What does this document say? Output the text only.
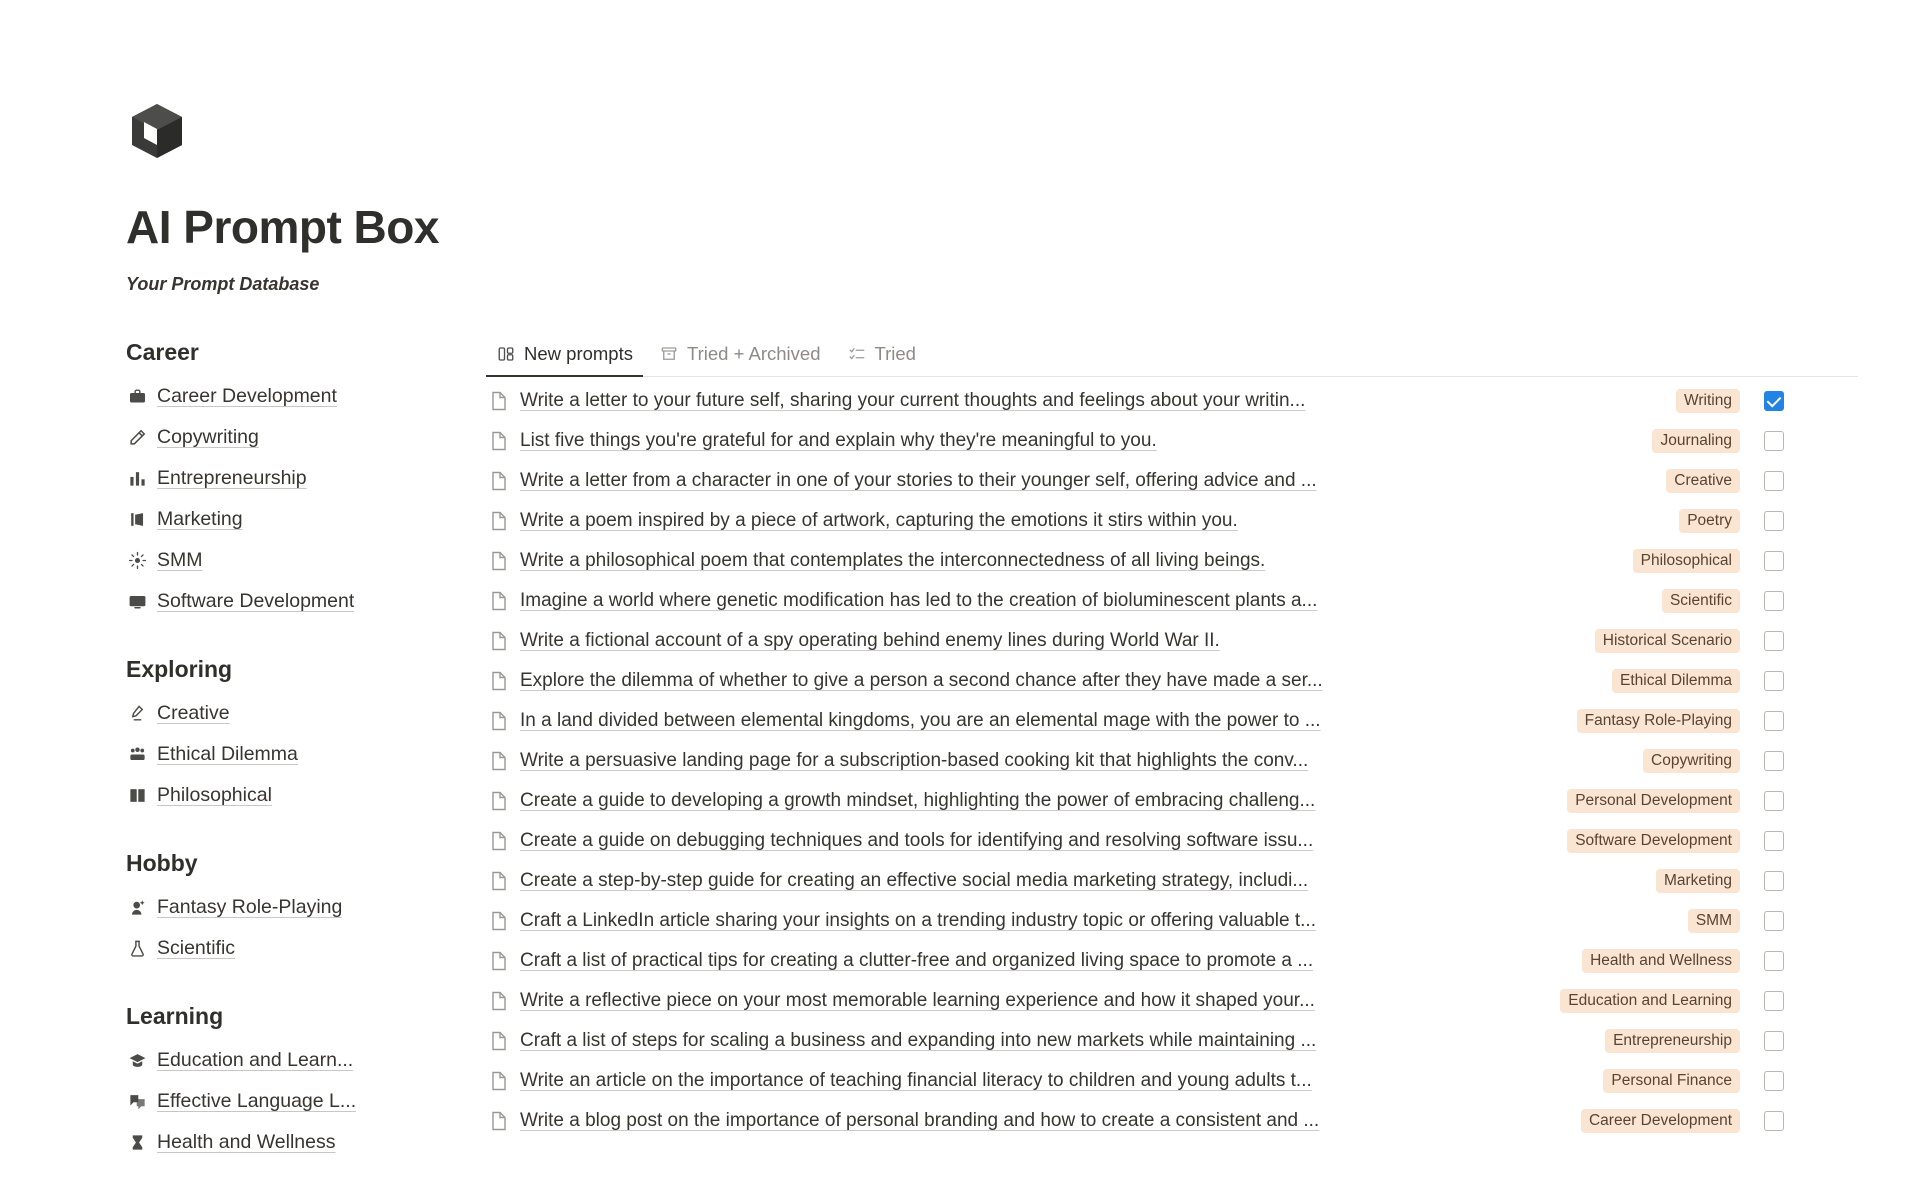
AI Prompt Box
Your Prompt Database
Career
Career Development
Copywriting
Entrepreneurship
Marketing
SMM
Software Development
Exploring
Creative
Ethical Dilemma
Philosophical
Hobby
Fantasy Role-Playing
Scientific
Learning
Education and Learn...
Effective Language L...
Health and Wellness
New prompts	Tried + Archived	Tried
Write a letter to your future self, sharing your current thoughts and feelings about your writin...	Writing
List five things you're grateful for and explain why they're meaningful to you.	Journaling
Write a letter from a character in one of your stories to their younger self, offering advice and ...	Creative
Write a poem inspired by a piece of artwork, capturing the emotions it stirs within you.	Poetry
Write a philosophical poem that contemplates the interconnectedness of all living beings.	Philosophical
Imagine a world where genetic modification has led to the creation of bioluminescent plants a...	Scientific
Write a fictional account of a spy operating behind enemy lines during World War II.	Historical Scenario
Explore the dilemma of whether to give a person a second chance after they have made a ser...	Ethical Dilemma
In a land divided between elemental kingdoms, you are an elemental mage with the power to ...	Fantasy Role-Playing
Write a persuasive landing page for a subscription-based cooking kit that highlights the conv...	Copywriting
Create a guide to developing a growth mindset, highlighting the power of embracing challeng...	Personal Development
Create a guide on debugging techniques and tools for identifying and resolving software issu...	Software Development
Create a step-by-step guide for creating an effective social media marketing strategy, includi...	Marketing
Craft a LinkedIn article sharing your insights on a trending industry topic or offering valuable t...	SMM
Craft a list of practical tips for creating a clutter-free and organized living space to promote a ...	Health and Wellness
Write a reflective piece on your most memorable learning experience and how it shaped your...	Education and Learning
Craft a list of steps for scaling a business and expanding into new markets while maintaining ...	Entrepreneurship
Write an article on the importance of teaching financial literacy to children and young adults t...	Personal Finance
Write a blog post on the importance of personal branding and how to create a consistent and ...	Career Development
